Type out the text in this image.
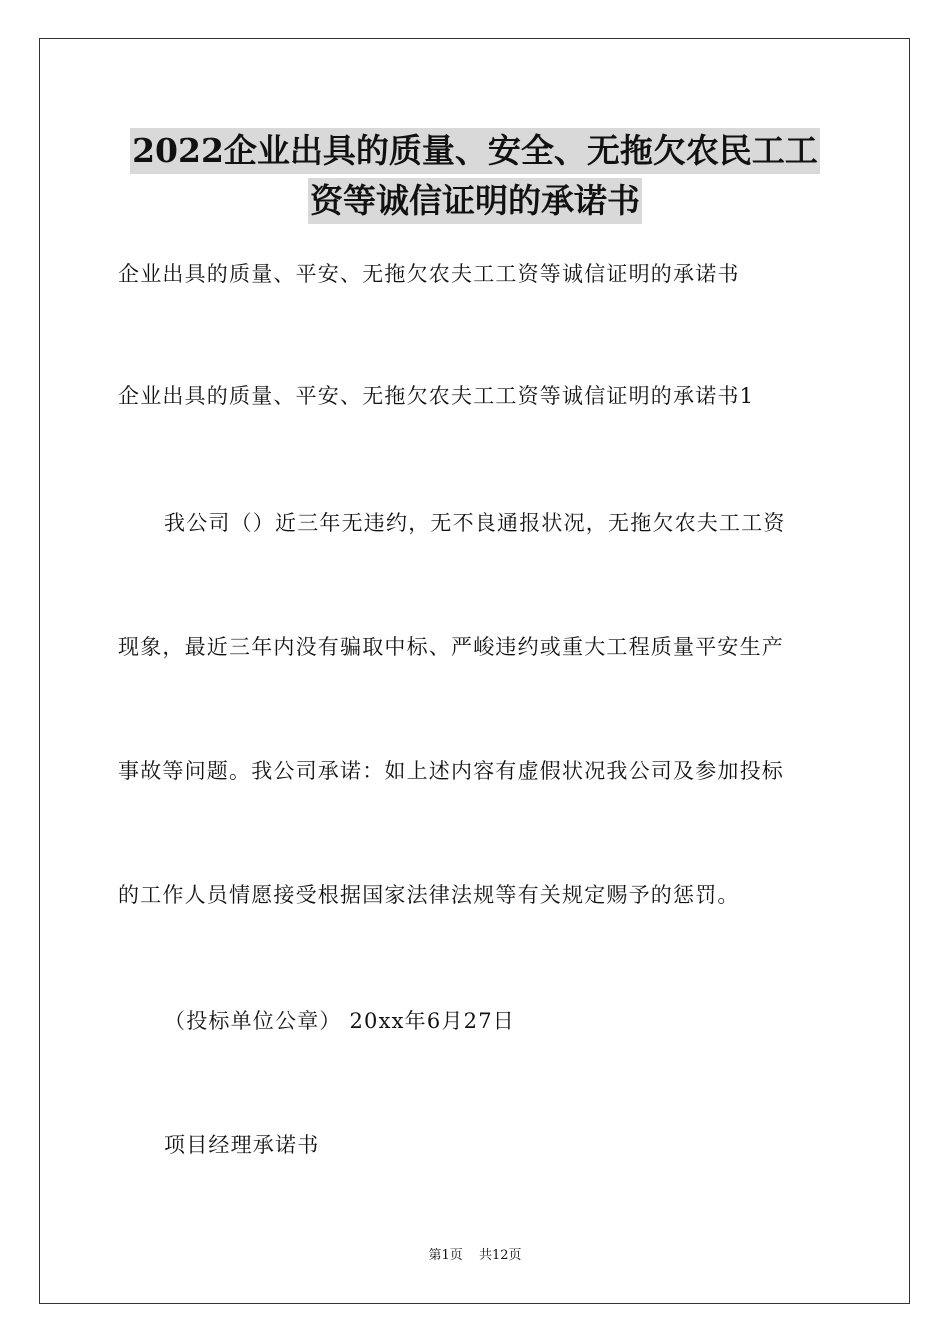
2022企业出具的质量、安全、无拖欠农民工工
资等诚信证明的承诺书
企业出具的质量、平安、无拖欠农夫工工资等诚信证明的承诺书
企业出具的质量、平安、无拖欠农夫工工资等诚信证明的承诺书1
我公司（）近三年无违约，无不良通报状况，无拖欠农夫工工资
现象，最近三年内没有骗取中标、严峻违约或重大工程质量平安生产
事故等问题。我公司承诺：如上述内容有虚假状况我公司及参加投标
的工作人员情愿接受根据国家法律法规等有关规定赐予的惩罚。
（投标单位公章） 20xx年6月27日
项目经理承诺书
第1页 共12页
